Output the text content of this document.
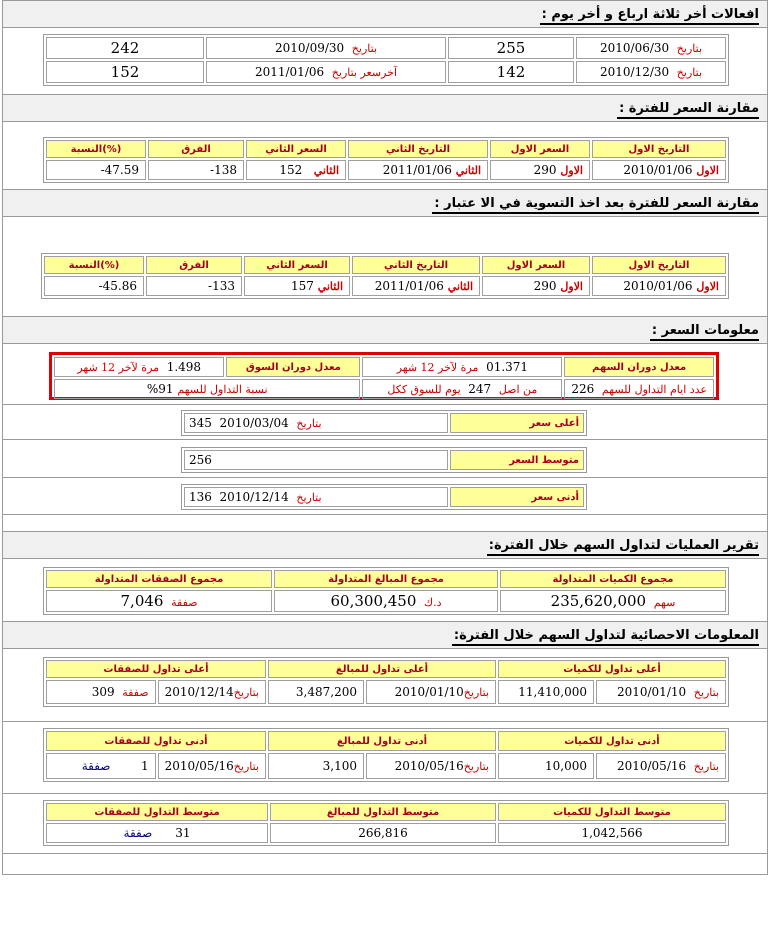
افعالات أخر ثلاثة ارباع و أخر يوم :
بتاريخ  2010/06/30	255	بتاريخ  2010/09/30	242
بتاريخ  2010/12/30	142	آخرسعر بتاريخ  2011/01/06	152
مقارنة السعر للفترة :
التاريخ الاول	السعر الاول	التاريخ الثاني	السعر الثاني	الفرق	(%)النسبة
الاول 2010/01/06	الاول 290	الثاني 2011/01/06	الثاني   152	-138	-47.59
مقارنة السعر للفترة بعد اخذ التسوية في الا عتبار :
التاريخ الاول	السعر الاول	التاريخ الثاني	السعر الثاني	الفرق	(%)النسبة
الاول 2010/01/06	الاول 290	الثاني 2011/01/06	الثاني 157	-133	-45.86
معلومات السعر :
معدل دوران السهم	01.371  مرة لآخر 12 شهر	معدل دوران السوق	1.498  مرة لآخر 12 شهر
عدد ايام التداول للسهم  226	من اصل  247  يوم للسوق ككل	نسبة التداول للسهم 91%	
أعلى سعر	345 2010/03/04 بتاريخ
متوسط السعر	256
أدنى سعر	136 2010/12/14 بتاريخ
تقرير العمليات لتداول السهم خلال الفترة:
مجموع الكميات المتداولة	مجموع المبالغ المتداولة	مجموع الصفقات المتداولة
سهم  235,620,000	د.ك  60,300,450	صفقة  7,046
المعلومات الاحصائية لتداول السهم خلال الفترة:
أعلى تداول للكميات		أعلى تداول للمبالغ		أعلى تداول للصفقات	
بتاريخ  2010/01/10	11,410,000	بتاريخ2010/01/10	3,487,200	بتاريخ2010/12/14	صفقة  309
أدنى تداول للكميات		أدنى تداول للمبالغ		أدنى تداول للصفقات	
بتاريخ  2010/05/16	10,000	بتاريخ2010/05/16	3,100	بتاريخ2010/05/16	1        صفقة
متوسط التداول للكميات	متوسط التداول للمبالغ	متوسط التداول للصفقات
1,042,566	266,816	31      صفقة
